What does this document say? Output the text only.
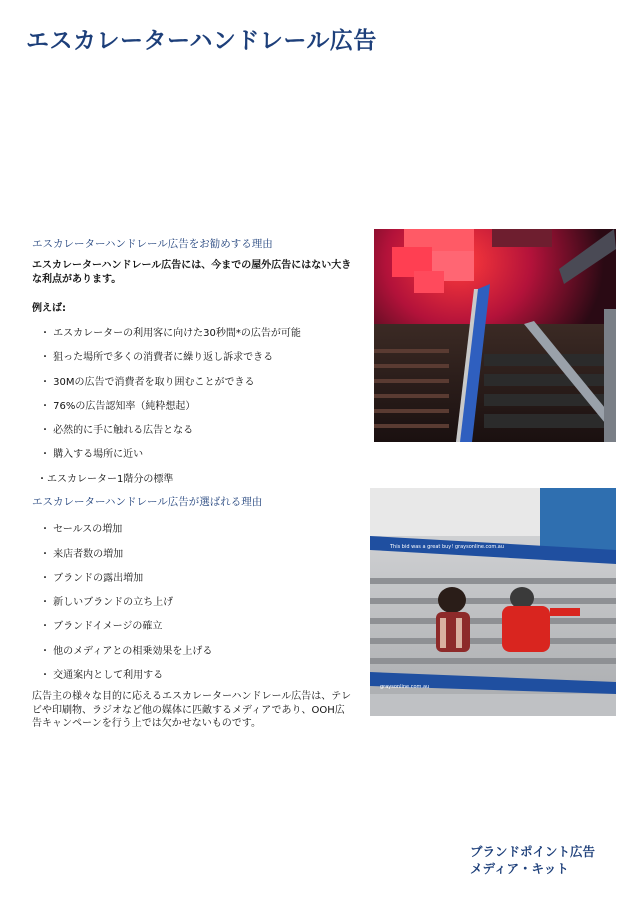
エスカレーターハンドレール広告
エスカレーターハンドレール広告をお勧めする理由
エスカレーターハンドレール広告には、今までの屋外広告にはない大きな利点があります。
例えば:
・ エスカレーターの利用客に向けた30秒間*の広告が可能
・ 狙った場所で多くの消費者に繰り返し訴求できる
・ 30Mの広告で消費者を取り囲むことができる
・ 76%の広告認知率（純粋想起）
・ 必然的に手に触れる広告となる
・ 購入する場所に近い
・エスカレーター1階分の標準
エスカレーターハンドレール広告が選ばれる理由
・ セールスの増加
・ 来店者数の増加
・ ブランドの露出増加
・ 新しいブランドの立ち上げ
・ ブランドイメージの確立
・ 他のメディアとの相乗効果を上げる
・ 交通案内として利用する
広告主の様々な目的に応えるエスカレーターハンドレール広告は、テレビや印刷物、ラジオなど他の媒体に匹敵するメディアであり、OOH広告キャンペーンを行う上では欠かせないものです。
This bid was a great buy! graysonline.com.au
graysonline.com.au
ブランドポイント広告
メディア・キット
